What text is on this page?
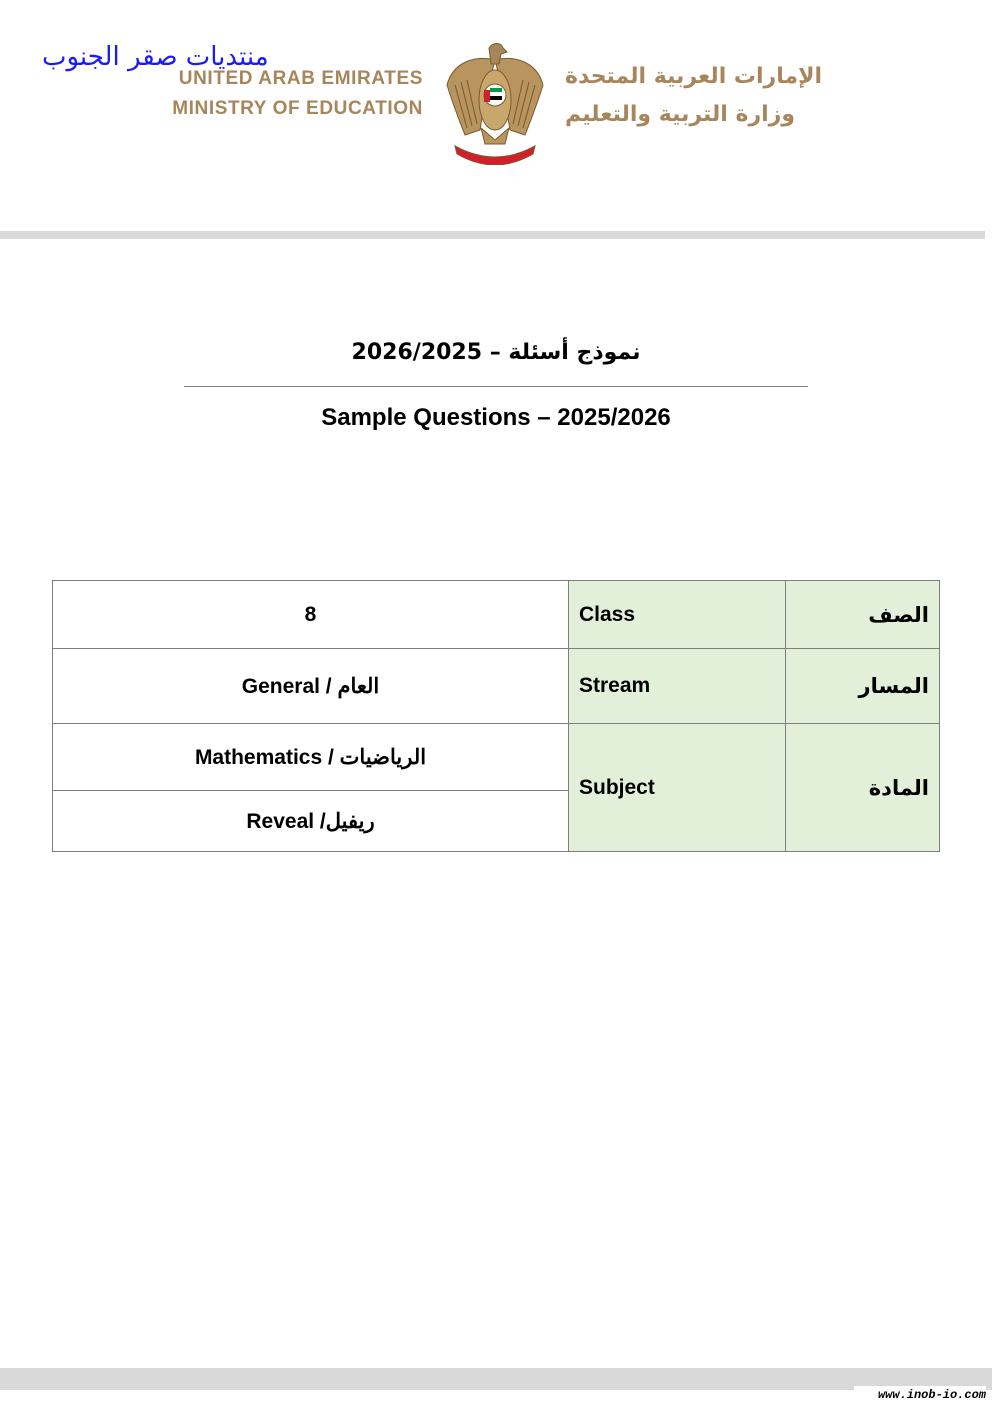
منتديات صقر الجنوب
UNITED ARAB EMIRATES
MINISTRY OF EDUCATION
الإمارات العربية المتحدة
وزارة التربية والتعليم
نموذج أسئلة – 2026/2025
Sample Questions – 2025/2026
8	Class	الصف
General / العام	Stream	المسار
Mathematics / الرياضيات	Subject	المادة
Reveal /ريفيل		
www.inob-io.com
